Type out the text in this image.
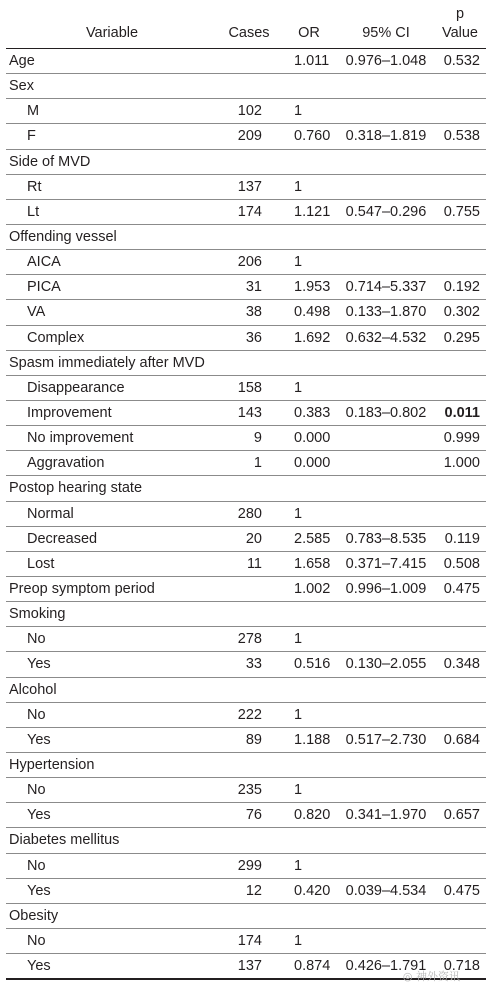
Variable	Cases	OR	95% CI	p
Value

Age		1.011	0.976–1.048	0.532
Sex				
M	102	1		
F	209	0.760	0.318–1.819	0.538
Side of MVD				
Rt	137	1		
Lt	174	1.121	0.547–0.296	0.755
Offending vessel				
AICA	206	1		
PICA	31	1.953	0.714–5.337	0.192
VA	38	0.498	0.133–1.870	0.302
Complex	36	1.692	0.632–4.532	0.295
Spasm immediately after MVD				
Disappearance	158	1		
Improvement	143	0.383	0.183–0.802	0.011
No improvement	9	0.000		0.999
Aggravation	1	0.000		1.000
Postop hearing state				
Normal	280	1		
Decreased	20	2.585	0.783–8.535	0.119
Lost	11	1.658	0.371–7.415	0.508
Preop symptom period		1.002	0.996–1.009	0.475
Smoking				
No	278	1		
Yes	33	0.516	0.130–2.055	0.348
Alcohol				
No	222	1		
Yes	89	1.188	0.517–2.730	0.684
Hypertension				
No	235	1		
Yes	76	0.820	0.341–1.970	0.657
Diabetes mellitus				
No	299	1		
Yes	12	0.420	0.039–4.534	0.475
Obesity				
No	174	1		
Yes	137	0.874	0.426–1.791	0.718
◎ 神外资讯
